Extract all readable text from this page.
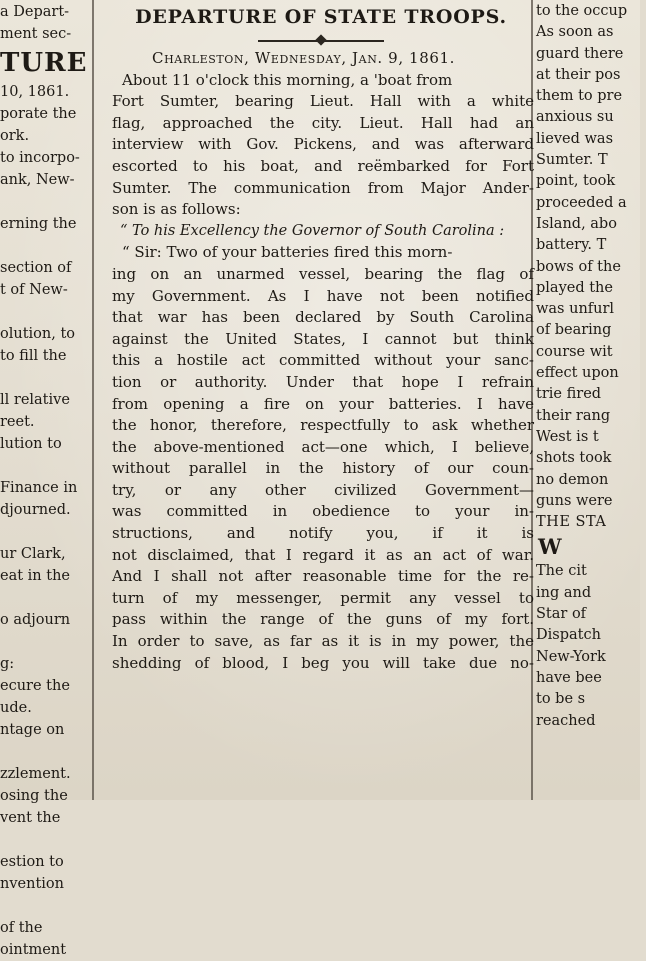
a Depart-
ment sec-
TURE
10, 1861.
porate the
ork.
to incorpo-
ank, New-
erning the
section of
t of New-
olution, to
to fill the
ll relative
reet.
lution to
Finance in
djourned.
ur Clark,
eat in the
o adjourn
g:
ecure the
ude.
ntage on
zzlement.
osing the
vent the
estion to
nvention
of the
ointment
DEPARTURE OF STATE TROOPS.
Charleston, Wednesday, Jan. 9, 1861.
About 11 o'clock this morning, a 'boat from
Fort Sumter, bearing Lieut. Hall with a white
flag, approached the city. Lieut. Hall had an
interview with Gov. Pickens, and was afterward
escorted to his boat, and reëmbarked for Fort
Sumter. The communication from Major Ander-
son is as follows:
“ To his Excellency the Governor of South Carolina :
“ Sir: Two of your batteries fired this morn-
ing on an unarmed vessel, bearing the flag of
my Government. As I have not been notified
that war has been declared by South Carolina
against the United States, I cannot but think
this a hostile act committed without your sanc-
tion or authority. Under that hope I refrain
from opening a fire on your batteries. I have
the honor, therefore, respectfully to ask whether
the above-mentioned act—one which, I believe,
without parallel in the history of our coun-
try, or any other civilized Government—
was committed in obedience to your in-
structions, and notify you, if it is
not disclaimed, that I regard it as an act of war.
And I shall not after reasonable time for the re-
turn of my messenger, permit any vessel to
pass within the range of the guns of my fort.
In order to save, as far as it is in my power, the
shedding of blood, I beg you will take due no-
to the occup
As soon as
guard there
at their pos
them to pre
anxious su
lieved was
Sumter. T
point, took
proceeded a
Island, abo
battery. T
bows of the
played the
was unfurl
of bearing
course wit
effect upon
trie fired
their rang
West is t
shots took
no demon
guns were
THE STA
W
The cit
ing and
Star of
Dispatch
New-York
have bee
to be s
reached
